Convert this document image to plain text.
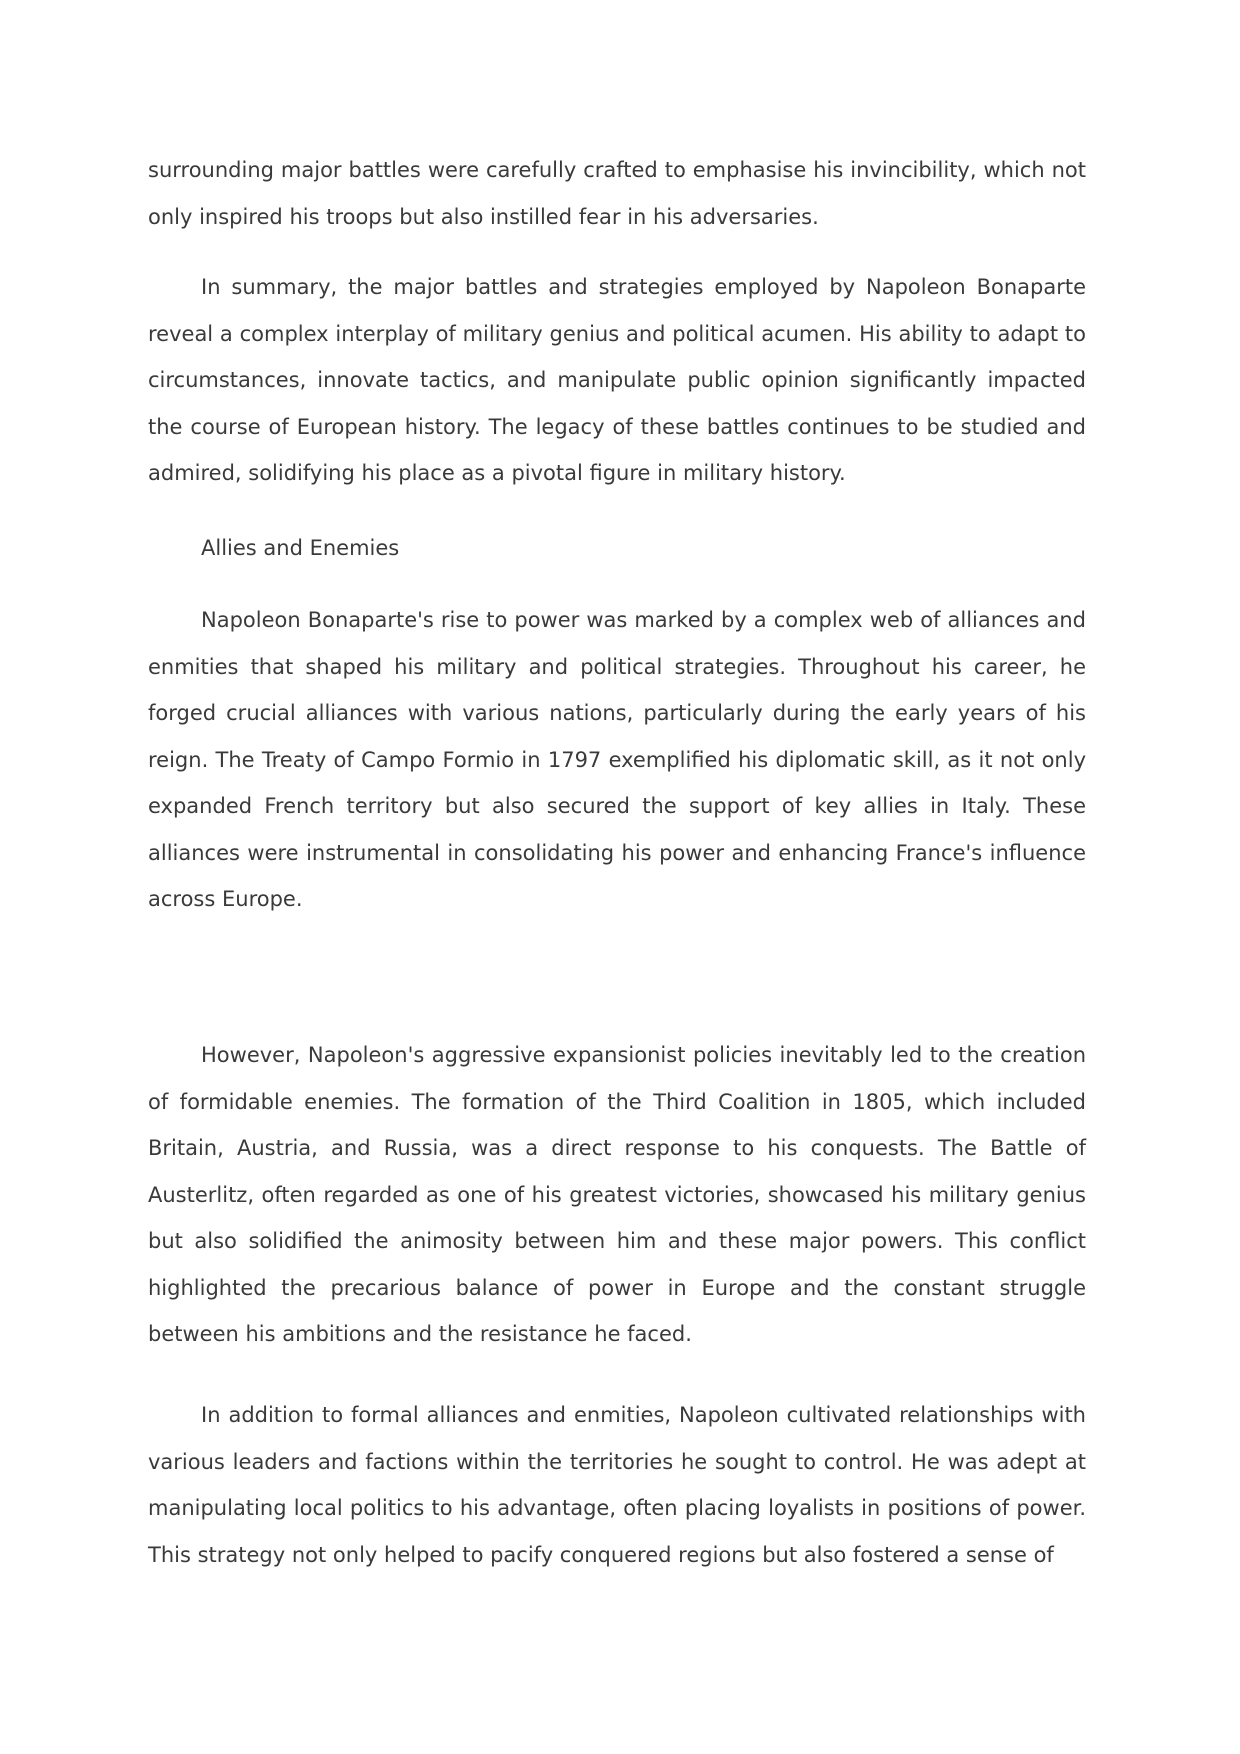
surrounding major battles were carefully crafted to emphasise his invincibility, which not only inspired his troops but also instilled fear in his adversaries.

In summary, the major battles and strategies employed by Napoleon Bonaparte reveal a complex interplay of military genius and political acumen. His ability to adapt to circumstances, innovate tactics, and manipulate public opinion significantly impacted the course of European history. The legacy of these battles continues to be studied and admired, solidifying his place as a pivotal figure in military history.

Allies and Enemies

Napoleon Bonaparte's rise to power was marked by a complex web of alliances and enmities that shaped his military and political strategies. Throughout his career, he forged crucial alliances with various nations, particularly during the early years of his reign. The Treaty of Campo Formio in 1797 exemplified his diplomatic skill, as it not only expanded French territory but also secured the support of key allies in Italy. These alliances were instrumental in consolidating his power and enhancing France's influence across Europe.

However, Napoleon's aggressive expansionist policies inevitably led to the creation of formidable enemies. The formation of the Third Coalition in 1805, which included Britain, Austria, and Russia, was a direct response to his conquests. The Battle of Austerlitz, often regarded as one of his greatest victories, showcased his military genius but also solidified the animosity between him and these major powers. This conflict highlighted the precarious balance of power in Europe and the constant struggle between his ambitions and the resistance he faced.

In addition to formal alliances and enmities, Napoleon cultivated relationships with various leaders and factions within the territories he sought to control. He was adept at manipulating local politics to his advantage, often placing loyalists in positions of power. This strategy not only helped to pacify conquered regions but also fostered a sense of
